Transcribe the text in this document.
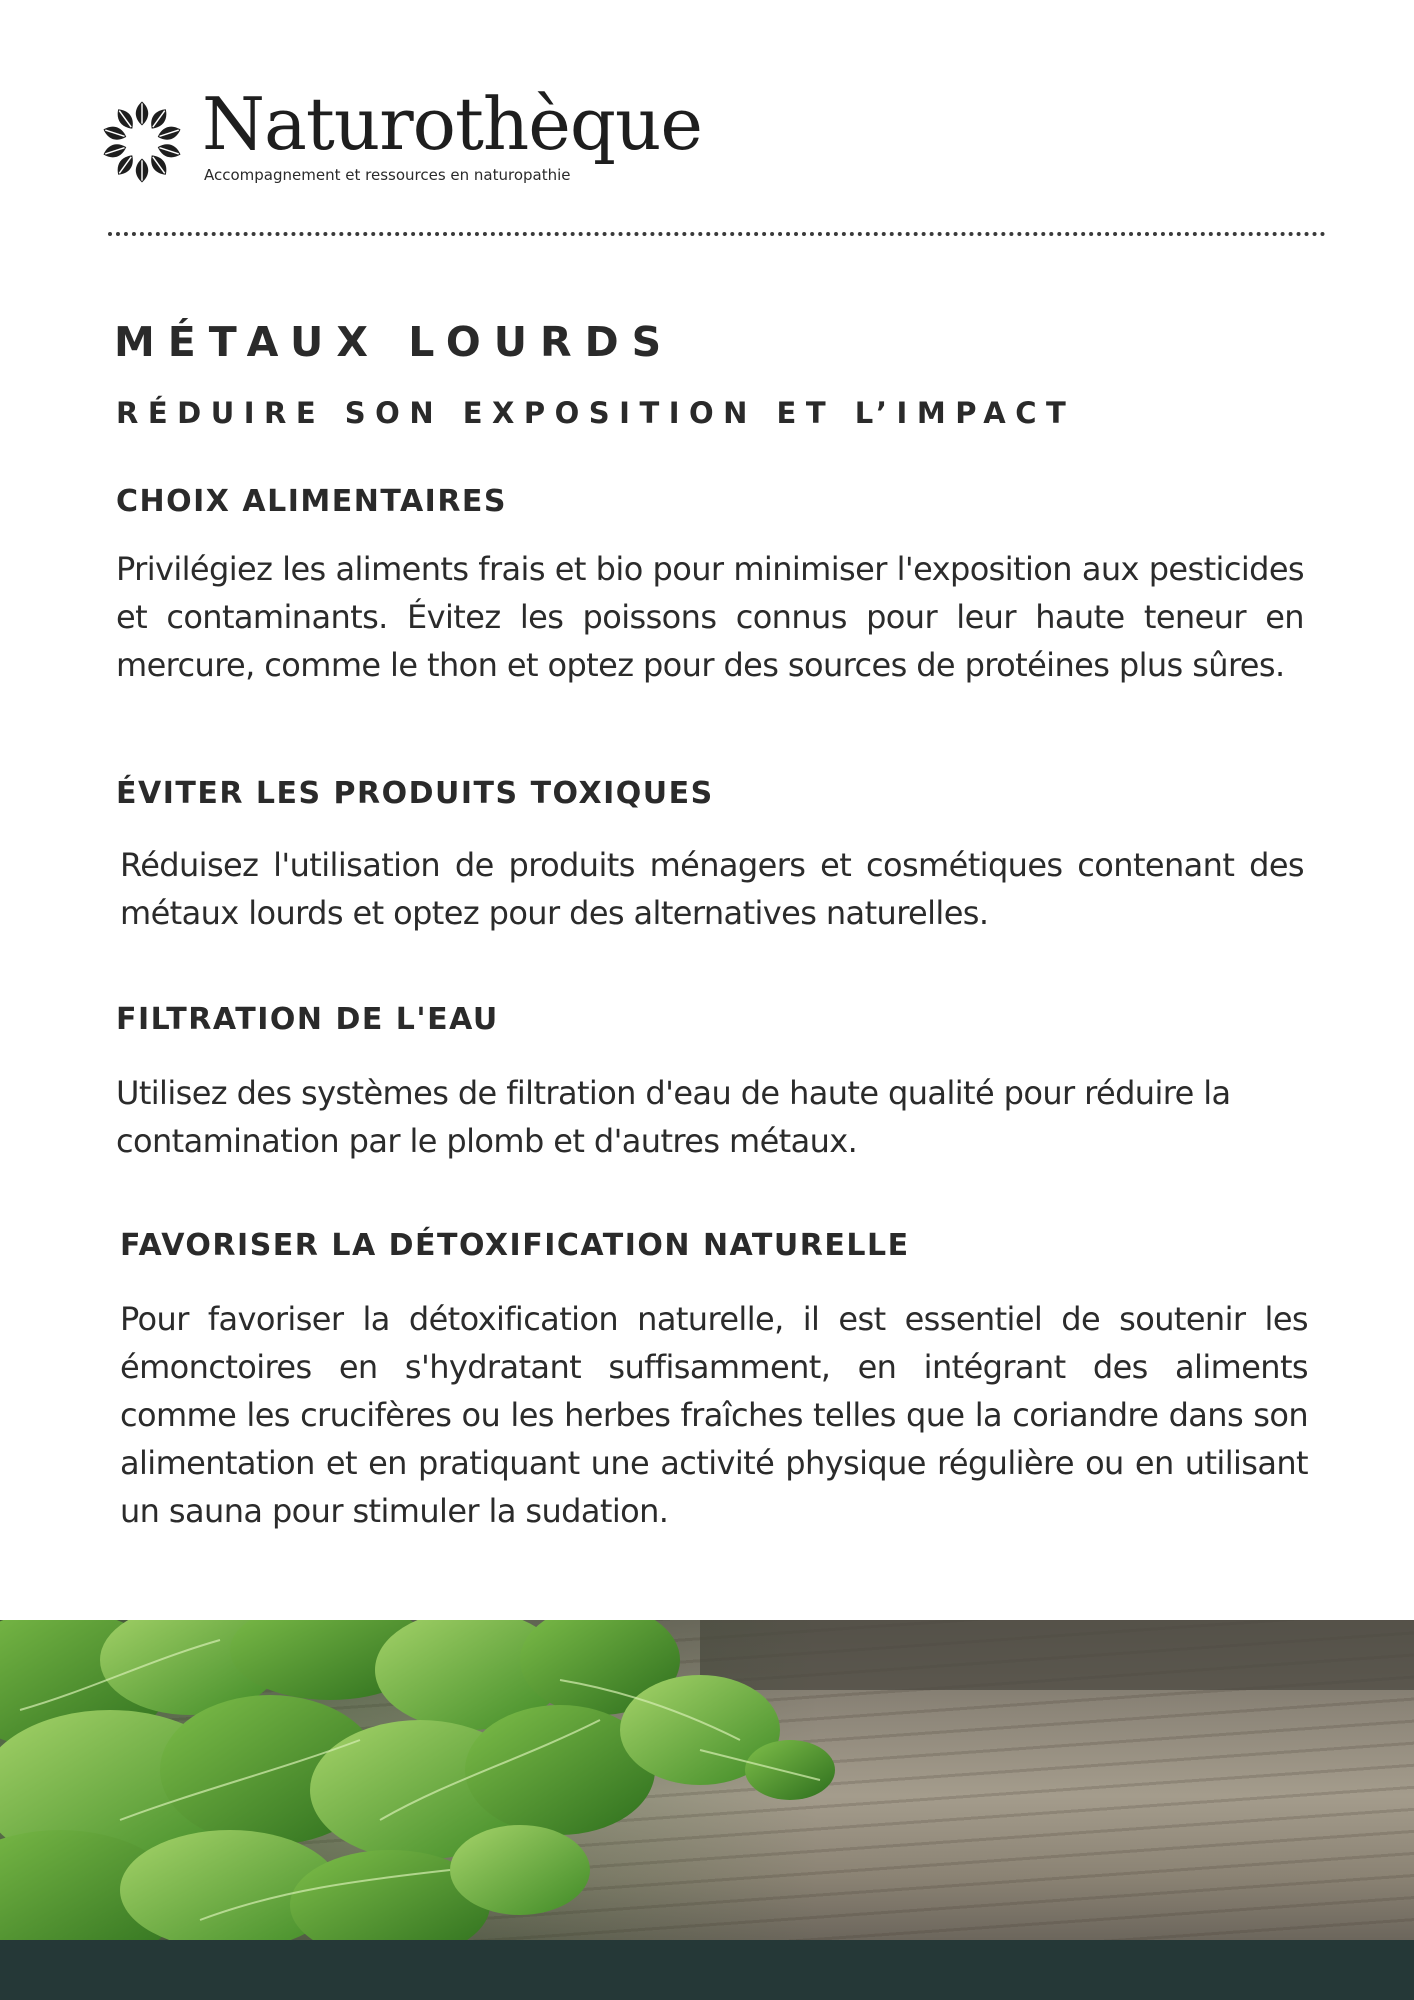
Naturothèque
Accompagnement et ressources en naturopathie
MÉTAUX LOURDS
RÉDUIRE SON EXPOSITION ET L’IMPACT
CHOIX ALIMENTAIRES

Privilégiez les aliments frais et bio pour minimiser l'exposition aux pesticides et contaminants. Évitez les poissons connus pour leur haute teneur en mercure, comme le thon et optez pour des sources de protéines plus sûres.

ÉVITER LES PRODUITS TOXIQUES

Réduisez l'utilisation de produits ménagers et cosmétiques contenant des métaux lourds et optez pour des alternatives naturelles.

FILTRATION DE L'EAU

Utilisez des systèmes de filtration d'eau de haute qualité pour réduire la contamination par le plomb et d'autres métaux.

FAVORISER LA DÉTOXIFICATION NATURELLE

Pour favoriser la détoxification naturelle, il est essentiel de soutenir les émonctoires en s'hydratant suffisamment, en intégrant des aliments comme les crucifères ou les herbes fraîches telles que la coriandre dans son alimentation et en pratiquant une activité physique régulière ou en utilisant un sauna pour stimuler la sudation.
